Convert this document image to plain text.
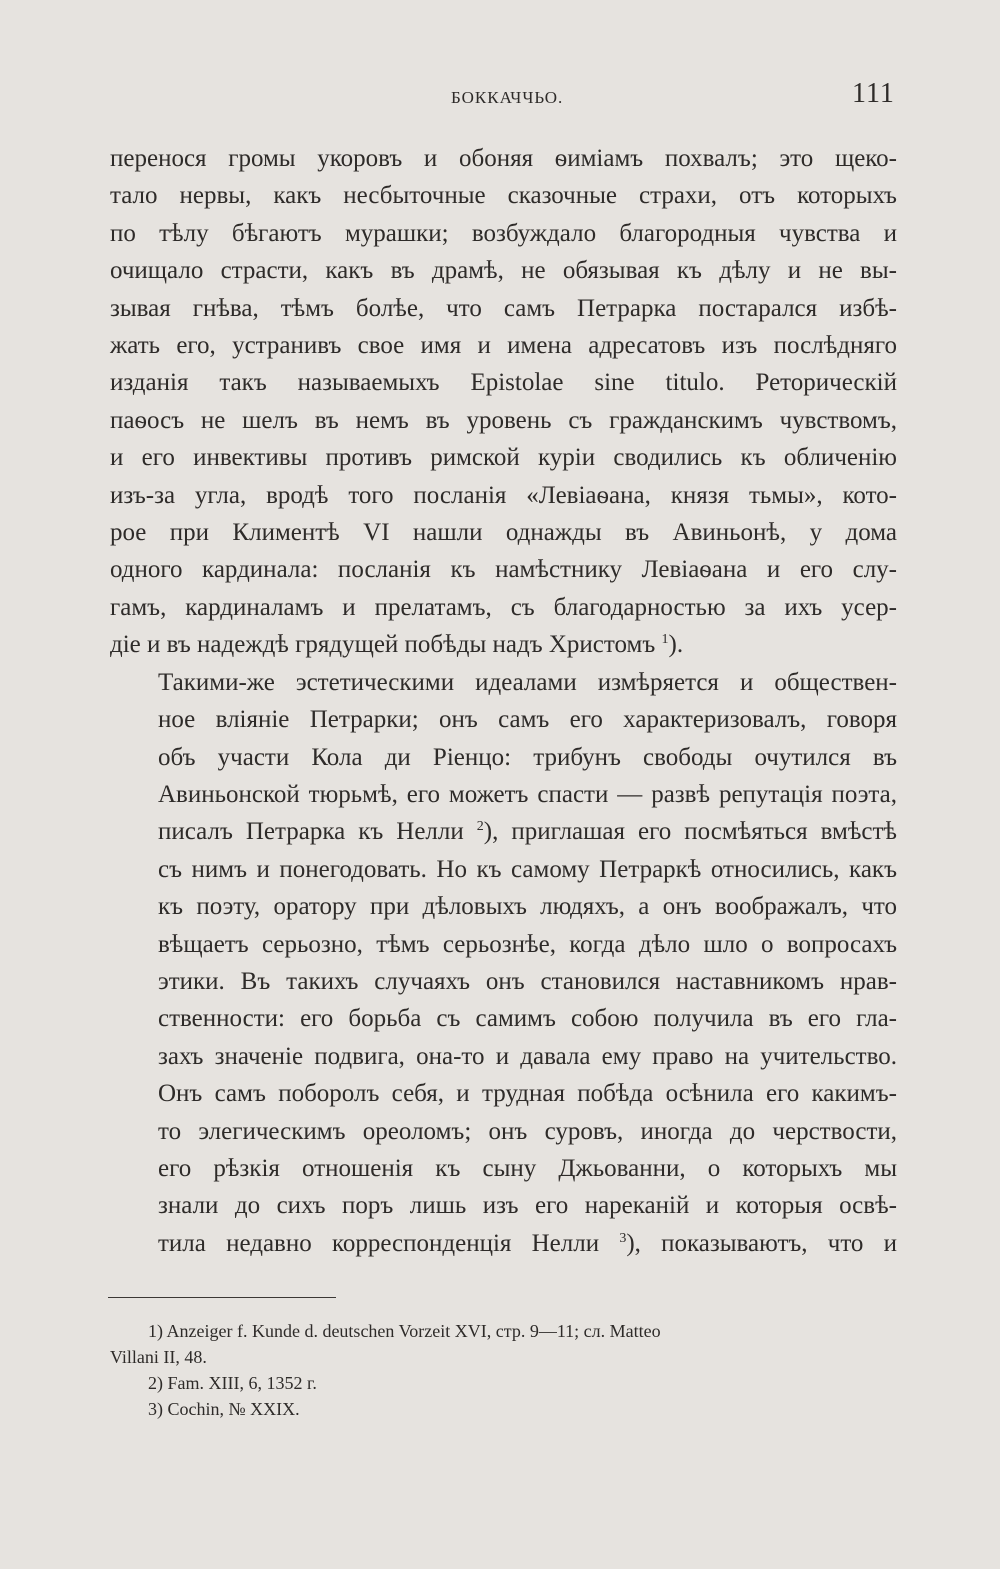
БОККАЧЧЬО.	111

переноcя громы укоровъ и обоняя ѳиміамъ похвалъ; это щеко-
тало нервы, какъ несбыточные сказочные страхи, отъ которыхъ
по тѣлу бѣгаютъ мурашки; возбуждало благородныя чувства и
очищало страсти, какъ въ драмѣ, не обязывая къ дѣлу и не вы-
зывая гнѣва, тѣмъ болѣе, что самъ Петрарка постарался избѣ-
жать его, устранивъ свое имя и имена адресатовъ изъ послѣдняго
изданія такъ называемыхъ Epistolae sine titulo. Реторическій
паѳосъ не шелъ въ немъ въ уровень съ гражданскимъ чувствомъ,
и его инвективы противъ римской куріи сводились къ обличенію
изъ-за угла, вродѣ того посланія «Левіаѳана, князя тьмы», кото-
рое при Климентѣ VI нашли однажды въ Авиньонѣ, у дома
одного кардинала: посланія къ намѣстнику Левіаѳана и его слу-
гамъ, кардиналамъ и прелатамъ, съ благодарностью за ихъ усер-
діе и въ надеждѣ грядущей побѣды надъ Христомъ $^1$).

Такими-же эстетическими идеалами измѣряется и обществен-
ное вліяніе Петрарки; онъ самъ его характеризовалъ, говоря
объ участи Кола ди Ріенцо: трибунъ свободы очутился въ
Авиньонской тюрьмѣ, его можетъ спасти — развѣ репутація поэта,
писалъ Петрарка къ Нелли $^2$), приглашая его посмѣяться вмѣстѣ
съ нимъ и понегодовать. Но къ самому Петраркѣ относились, какъ
къ поэту, оратору при дѣловыхъ людяхъ, а онъ воображалъ, что
вѣщаетъ серьозно, тѣмъ серьознѣе, когда дѣло шло о вопросахъ
этики. Въ такихъ случаяхъ онъ становился наставникомъ нрав-
ственности: его борьба съ самимъ собою получила въ его гла-
захъ значеніе подвига, она-то и давала ему право на учительство.
Онъ самъ поборолъ себя, и трудная побѣда осѣнила его какимъ-
то элегическимъ ореоломъ; онъ суровъ, иногда до черствости,
его рѣзкія отношенія къ сыну Джьованни, о которыхъ мы
знали до сихъ поръ лишь изъ его нареканій и которыя освѣ-
тила недавно корреспонденція Нелли $^3$), показываютъ, что и

1) Anzeiger f. Kunde d. deutschen Vorzeit XVI, стр. 9—11; сл. Matteo
Villani II, 48.

2) Fam. XIII, 6, 1352 г.

3) Cochin, № XXIX.
